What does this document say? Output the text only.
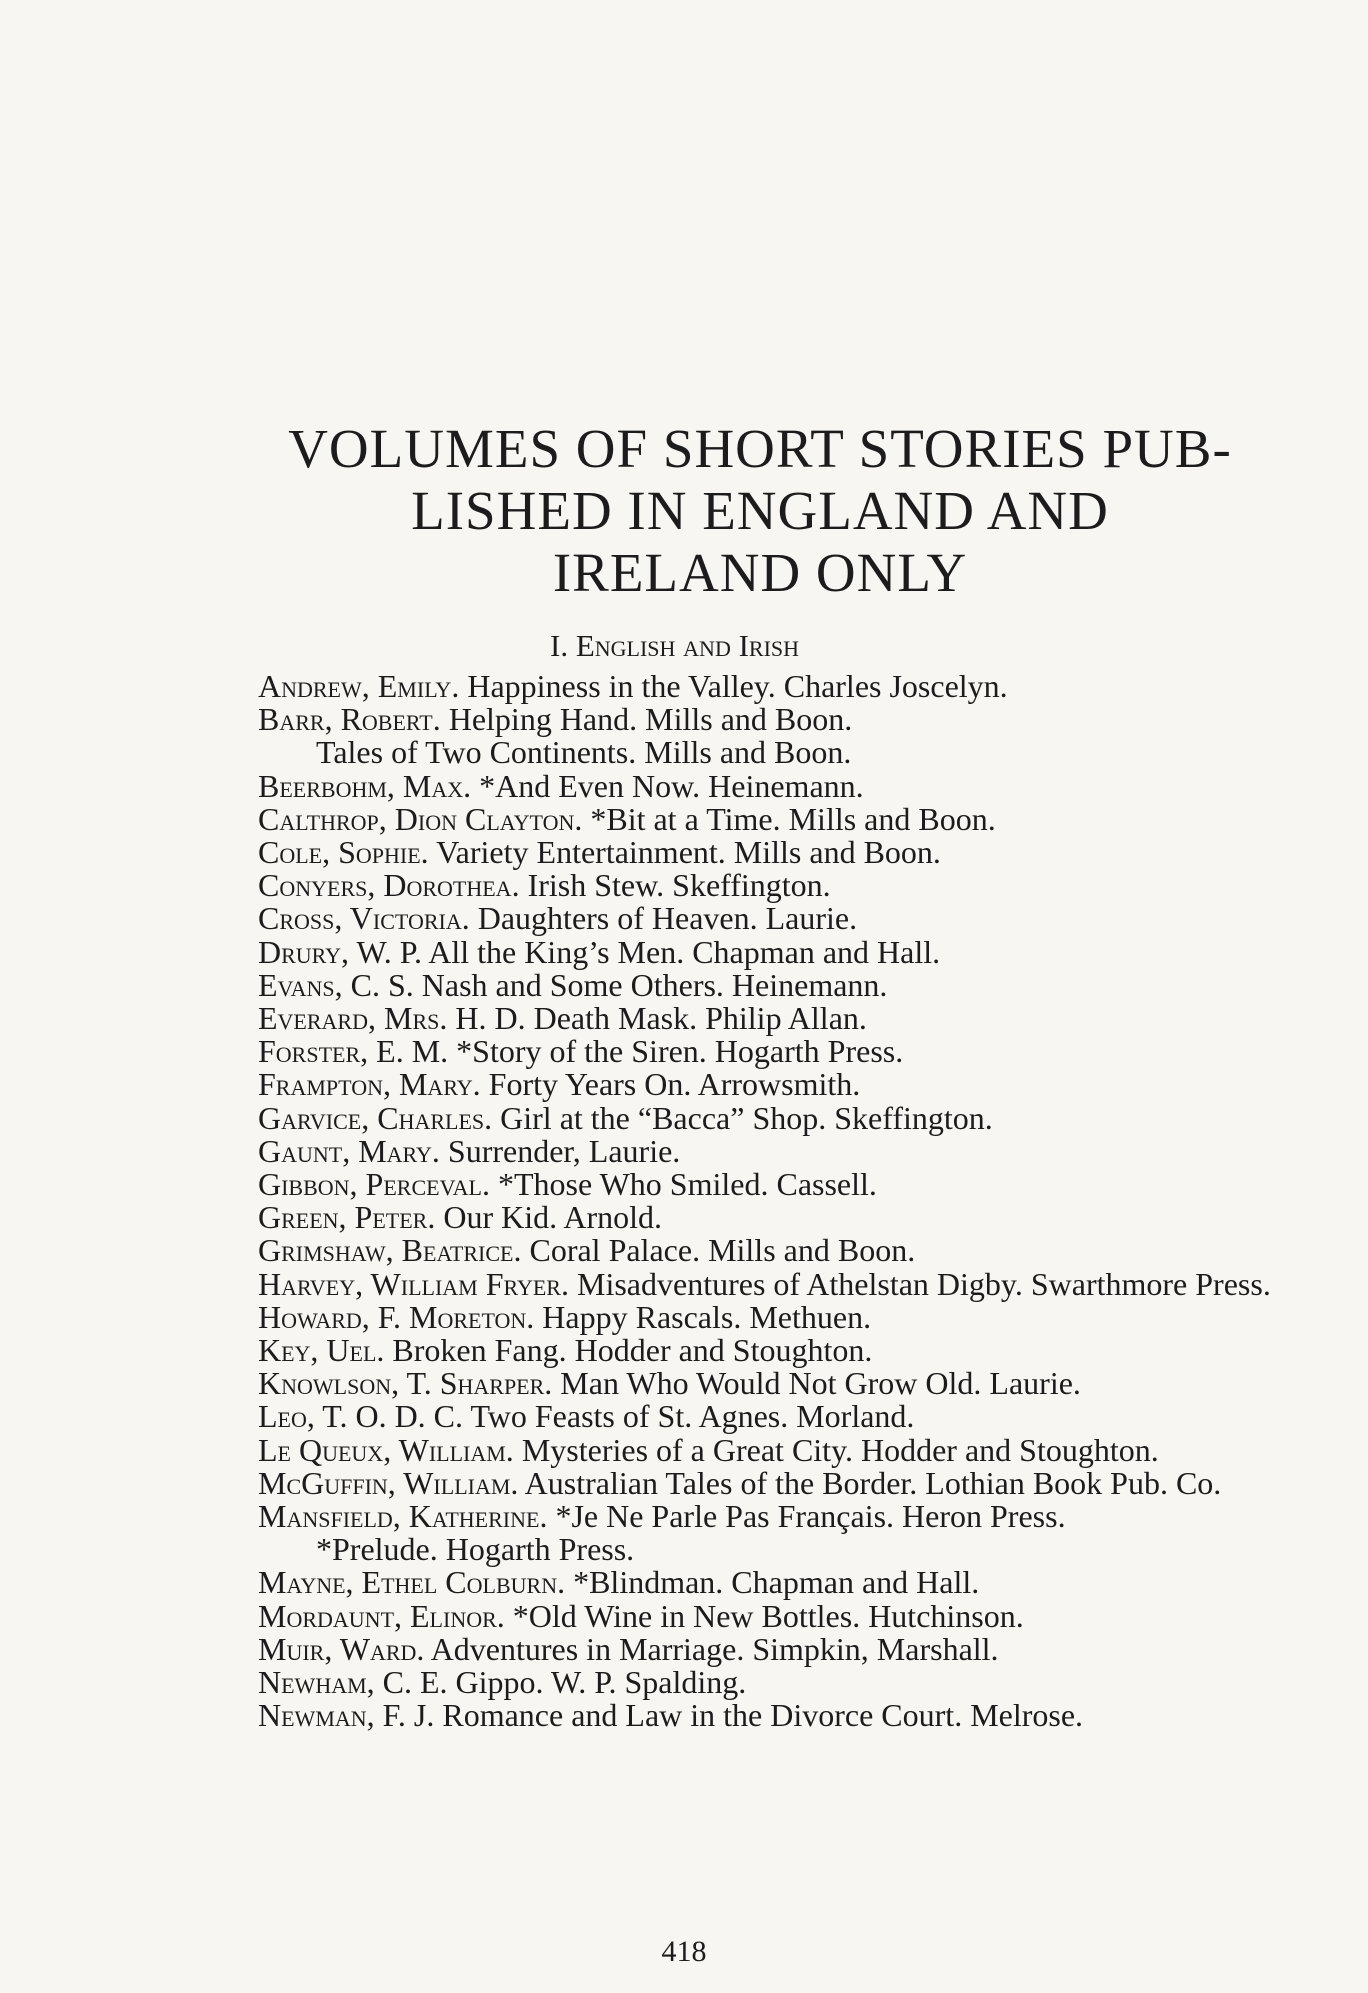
VOLUMES OF SHORT STORIES PUB-
LISHED IN ENGLAND AND
IRELAND ONLY
I. English and Irish

Andrew, Emily. Happiness in the Valley. Charles Joscelyn.

Barr, Robert. Helping Hand. Mills and Boon.

Tales of Two Continents. Mills and Boon.

Beerbohm, Max. *And Even Now. Heinemann.

Calthrop, Dion Clayton. *Bit at a Time. Mills and Boon.

Cole, Sophie. Variety Entertainment. Mills and Boon.

Conyers, Dorothea. Irish Stew. Skeffington.

Cross, Victoria. Daughters of Heaven. Laurie.

Drury, W. P. All the King’s Men. Chapman and Hall.

Evans, C. S. Nash and Some Others. Heinemann.

Everard, Mrs. H. D. Death Mask. Philip Allan.

Forster, E. M. *Story of the Siren. Hogarth Press.

Frampton, Mary. Forty Years On. Arrowsmith.

Garvice, Charles. Girl at the “Bacca” Shop. Skeffington.

Gaunt, Mary. Surrender, Laurie.

Gibbon, Perceval. *Those Who Smiled. Cassell.

Green, Peter. Our Kid. Arnold.

Grimshaw, Beatrice. Coral Palace. Mills and Boon.

Harvey, William Fryer. Misadventures of Athelstan Digby. Swarthmore Press.

Howard, F. Moreton. Happy Rascals. Methuen.

Key, Uel. Broken Fang. Hodder and Stoughton.

Knowlson, T. Sharper. Man Who Would Not Grow Old. Laurie.

Leo, T. O. D. C. Two Feasts of St. Agnes. Morland.

Le Queux, William. Mysteries of a Great City. Hodder and Stoughton.

McGuffin, William. Australian Tales of the Border. Lothian Book Pub. Co.

Mansfield, Katherine. *Je Ne Parle Pas Français. Heron Press.

*Prelude. Hogarth Press.

Mayne, Ethel Colburn. *Blindman. Chapman and Hall.

Mordaunt, Elinor. *Old Wine in New Bottles. Hutchinson.

Muir, Ward. Adventures in Marriage. Simpkin, Marshall.

Newham, C. E. Gippo. W. P. Spalding.

Newman, F. J. Romance and Law in the Divorce Court. Melrose.

418
